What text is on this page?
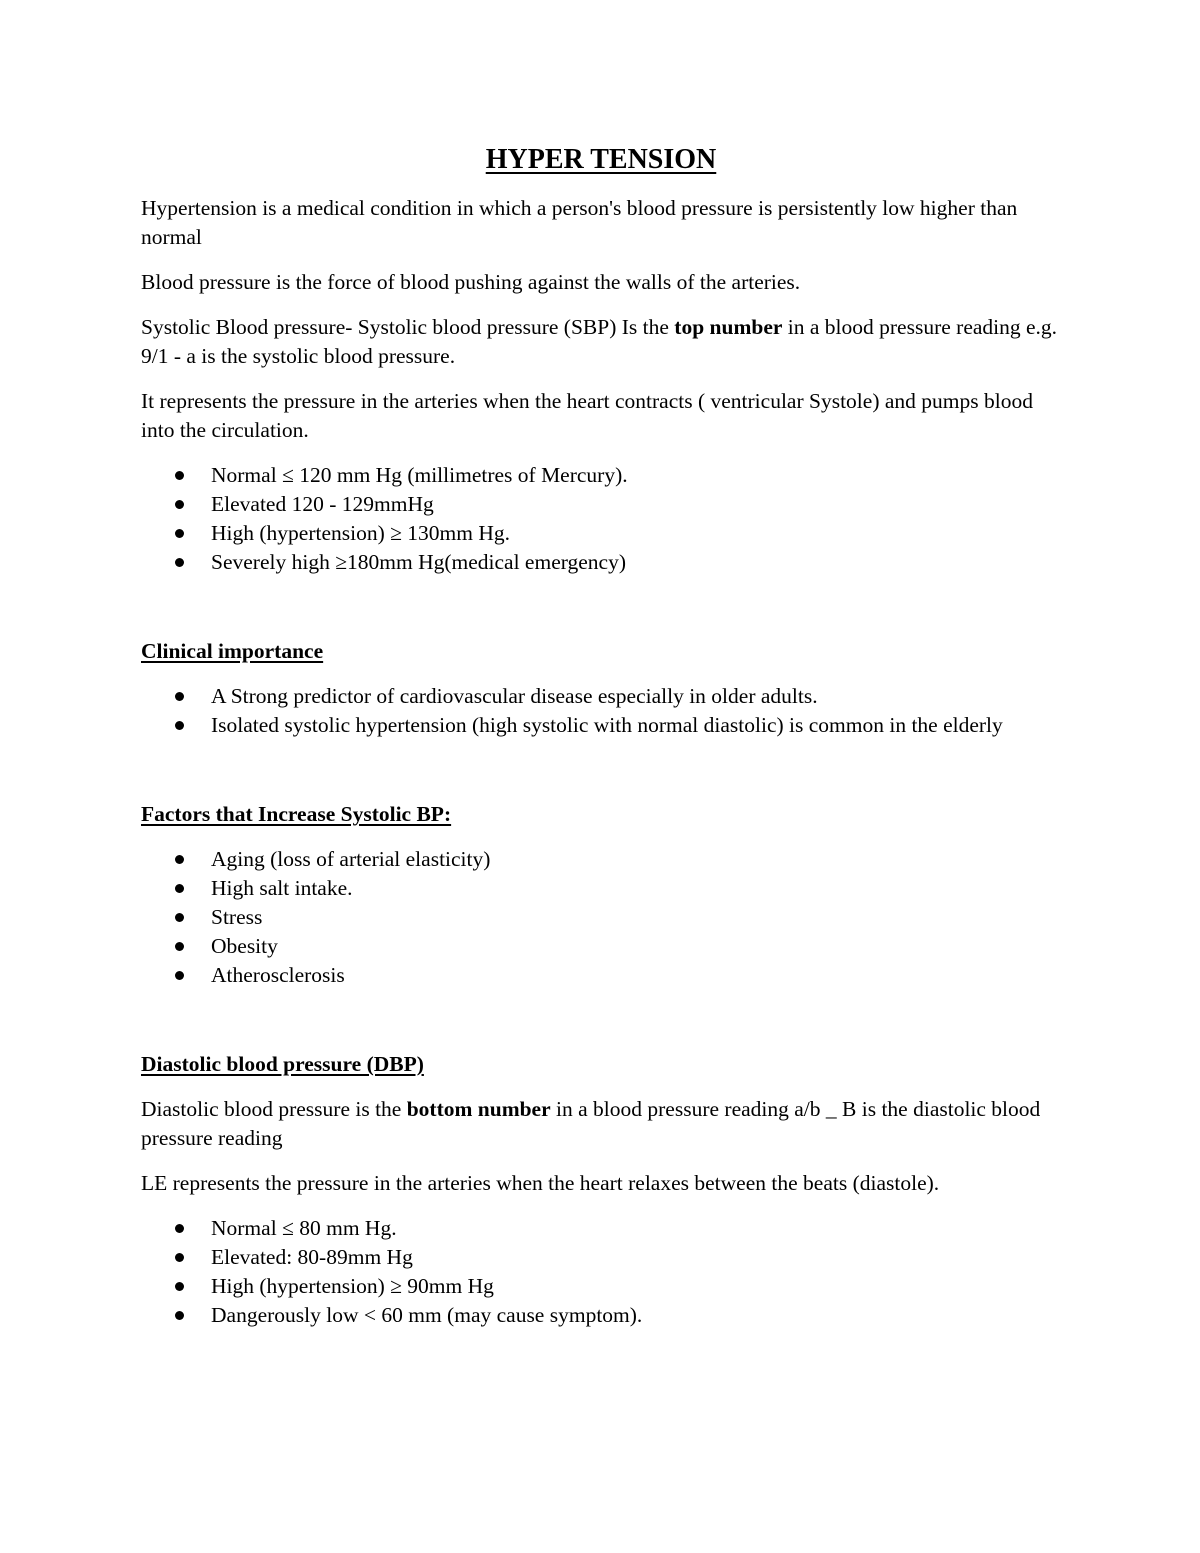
HYPER TENSION

Hypertension is a medical condition in which a person's blood pressure is persistently low higher than normal

Blood pressure is the force of blood pushing against the walls of the arteries.

Systolic Blood pressure- Systolic blood pressure (SBP) Is the top number in a blood pressure reading e.g. 9/1 - a is the systolic blood pressure.

It represents the pressure in the arteries when the heart contracts ( ventricular Systole) and pumps blood into the circulation.

Normal ≤ 120 mm Hg (millimetres of Mercury).
Elevated 120 - 129mmHg
High (hypertension) ≥ 130mm Hg.
Severely high ≥180mm Hg(medical emergency)
Clinical importance
A Strong predictor of cardiovascular disease especially in older adults.
Isolated systolic hypertension (high systolic with normal diastolic) is common in the elderly
Factors that Increase Systolic BP:
Aging (loss of arterial elasticity)
High salt intake.
Stress
Obesity
Atherosclerosis
Diastolic blood pressure (DBP)

Diastolic blood pressure is the bottom number in a blood pressure reading a/b _ B is the diastolic blood pressure reading

LE represents the pressure in the arteries when the heart relaxes between the beats (diastole).

Normal ≤ 80 mm Hg.
Elevated: 80-89mm Hg
High (hypertension) ≥ 90mm Hg
Dangerously low < 60 mm (may cause symptom).
